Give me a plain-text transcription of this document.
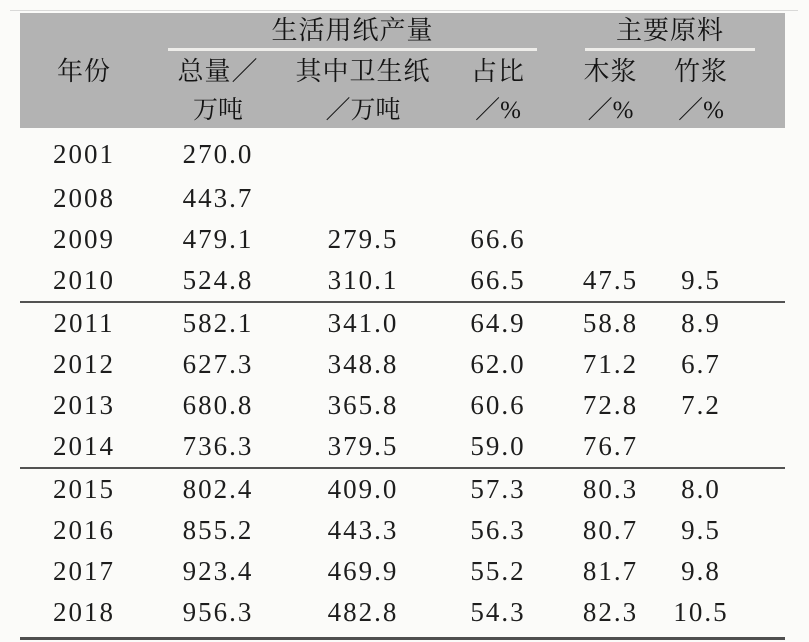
	生活用纸产量			主要原料	

年份	总量／	其中卫生纸	占比	木浆	竹浆
	万吨	／万吨	／%	／%	／%
2001	270.0				
2008	443.7				
2009	479.1	279.5	66.6		
2010	524.8	310.1	66.5	47.5	9.5
2011	582.1	341.0	64.9	58.8	8.9
2012	627.3	348.8	62.0	71.2	6.7
2013	680.8	365.8	60.6	72.8	7.2
2014	736.3	379.5	59.0	76.7	
2015	802.4	409.0	57.3	80.3	8.0
2016	855.2	443.3	56.3	80.7	9.5
2017	923.4	469.9	55.2	81.7	9.8
2018	956.3	482.8	54.3	82.3	10.5
